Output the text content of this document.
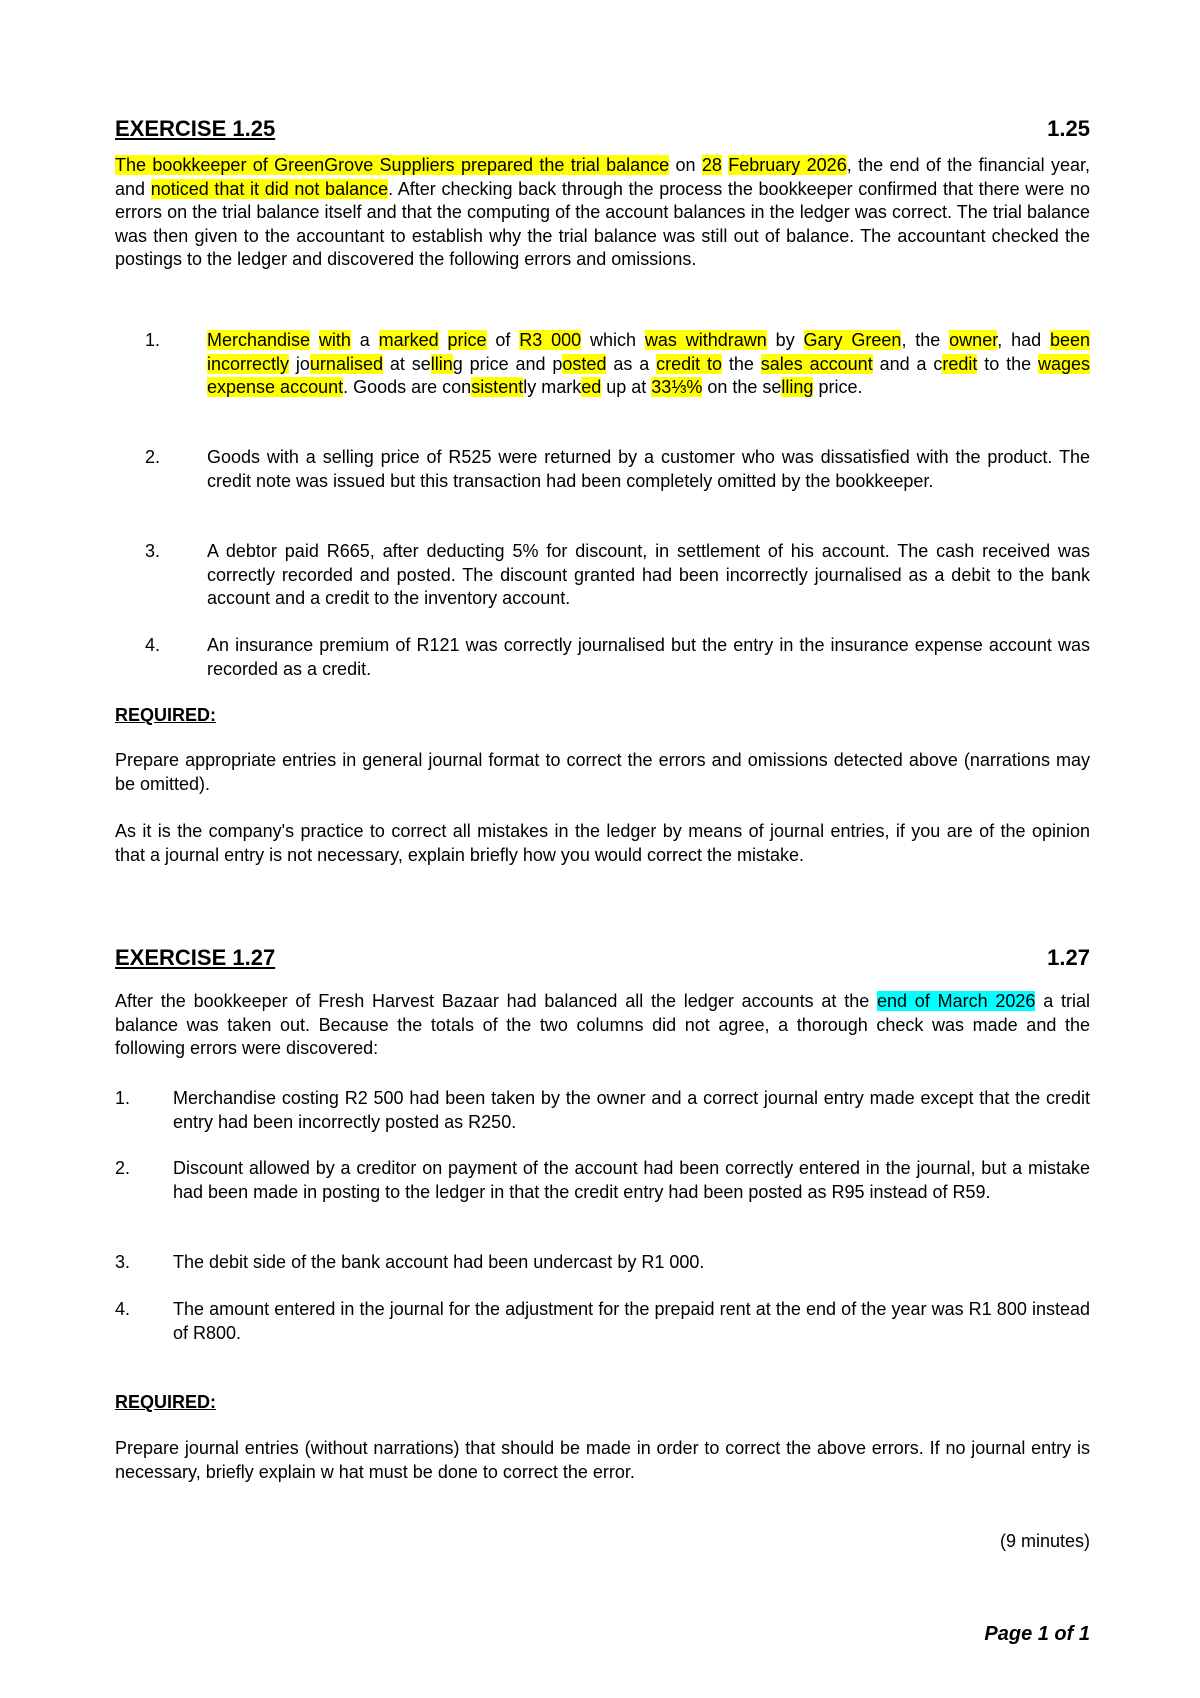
EXERCISE 1.25	1.25

The bookkeeper of GreenGrove Suppliers prepared the trial balance on 28 February 2026, the end of the financial year, and noticed that it did not balance. After checking back through the process the bookkeeper confirmed that there were no errors on the trial balance itself and that the computing of the account balances in the ledger was correct. The trial balance was then given to the accountant to establish why the trial balance was still out of balance. The accountant checked the postings to the ledger and discovered the following errors and omissions.

1.	Merchandise with a marked price of R3 000 which was withdrawn by Gary Green, the owner, had been incorrectly journalised at selling price and posted as a credit to the sales account and a credit to the wages expense account. Goods are consistently marked up at 33⅓% on the selling price.
2.	Goods with a selling price of R525 were returned by a customer who was dissatisfied with the product. The credit note was issued but this transaction had been completely omitted by the bookkeeper.
3.	A debtor paid R665, after deducting 5% for discount, in settlement of his account. The cash received was correctly recorded and posted. The discount granted had been incorrectly journalised as a debit to the bank account and a credit to the inventory account.
4.	An insurance premium of R121 was correctly journalised but the entry in the insurance expense account was recorded as a credit.
REQUIRED:

Prepare appropriate entries in general journal format to correct the errors and omissions detected above (narrations may be omitted).

As it is the company's practice to correct all mistakes in the ledger by means of journal entries, if you are of the opinion that a journal entry is not necessary, explain briefly how you would correct the mistake.

EXERCISE 1.27	1.27

After the bookkeeper of Fresh Harvest Bazaar had balanced all the ledger accounts at the end of March 2026 a trial balance was taken out. Because the totals of the two columns did not agree, a thorough check was made and the following errors were discovered:

1. Merchandise costing R2 500 had been taken by the owner and a correct journal entry made except that the credit entry had been incorrectly posted as R250.
2. Discount allowed by a creditor on payment of the account had been correctly entered in the journal, but a mistake had been made in posting to the ledger in that the credit entry had been posted as R95 instead of R59.
3. The debit side of the bank account had been undercast by R1 000.
4. The amount entered in the journal for the adjustment for the prepaid rent at the end of the year was R1 800 instead of R800.
REQUIRED:

Prepare journal entries (without narrations) that should be made in order to correct the above errors. If no journal entry is necessary, briefly explain w hat must be done to correct the error.

(9 minutes)
Page 1 of 1
